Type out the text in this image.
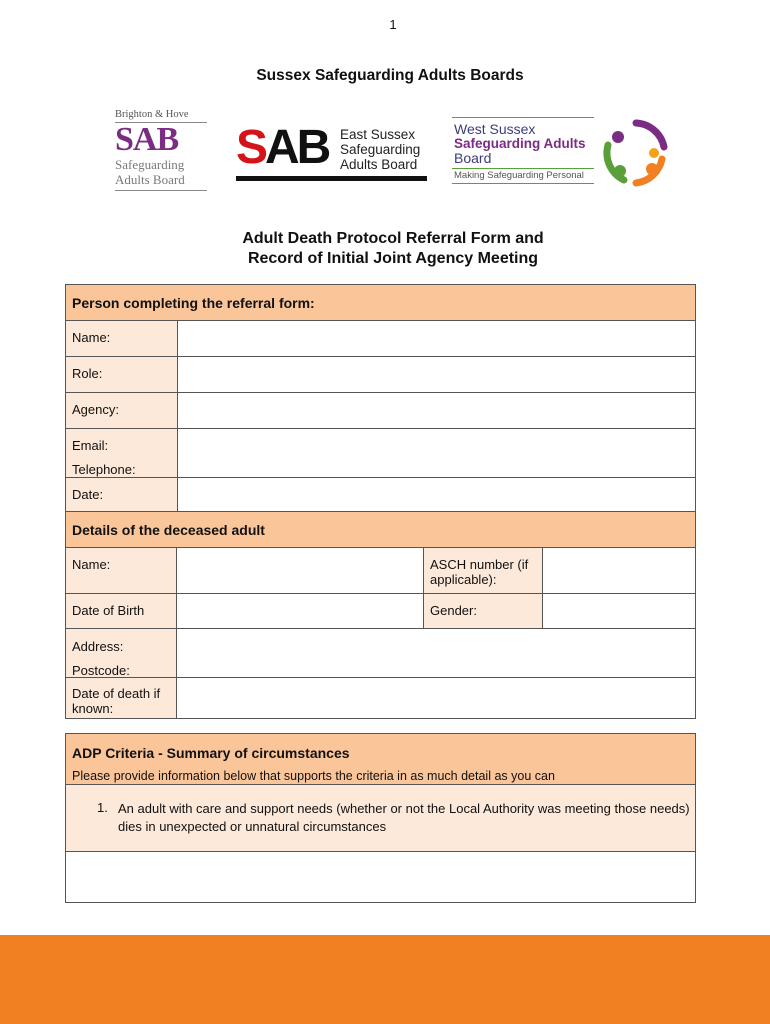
1
Sussex Safeguarding Adults Boards
Brighton & Hove
SAB
Safeguarding
Adults Board
SAB East Sussex
Safeguarding
Adults Board
West Sussex
Safeguarding Adults
Board
Making Safeguarding Personal
Adult Death Protocol Referral Form and
Record of Initial Joint Agency Meeting
Person completing the referral form:
Name:
Role:
Agency:
Email:
Telephone:
Date:
Details of the deceased adult
Name:	ASCH number (if applicable):
Date of Birth	Gender:
Address:
Postcode:
Date of death if known:
ADP Criteria - Summary of circumstances
Please provide information below that supports the criteria in as much detail as you can
1. An adult with care and support needs (whether or not the Local Authority was meeting those needs) dies in unexpected or unnatural circumstances
